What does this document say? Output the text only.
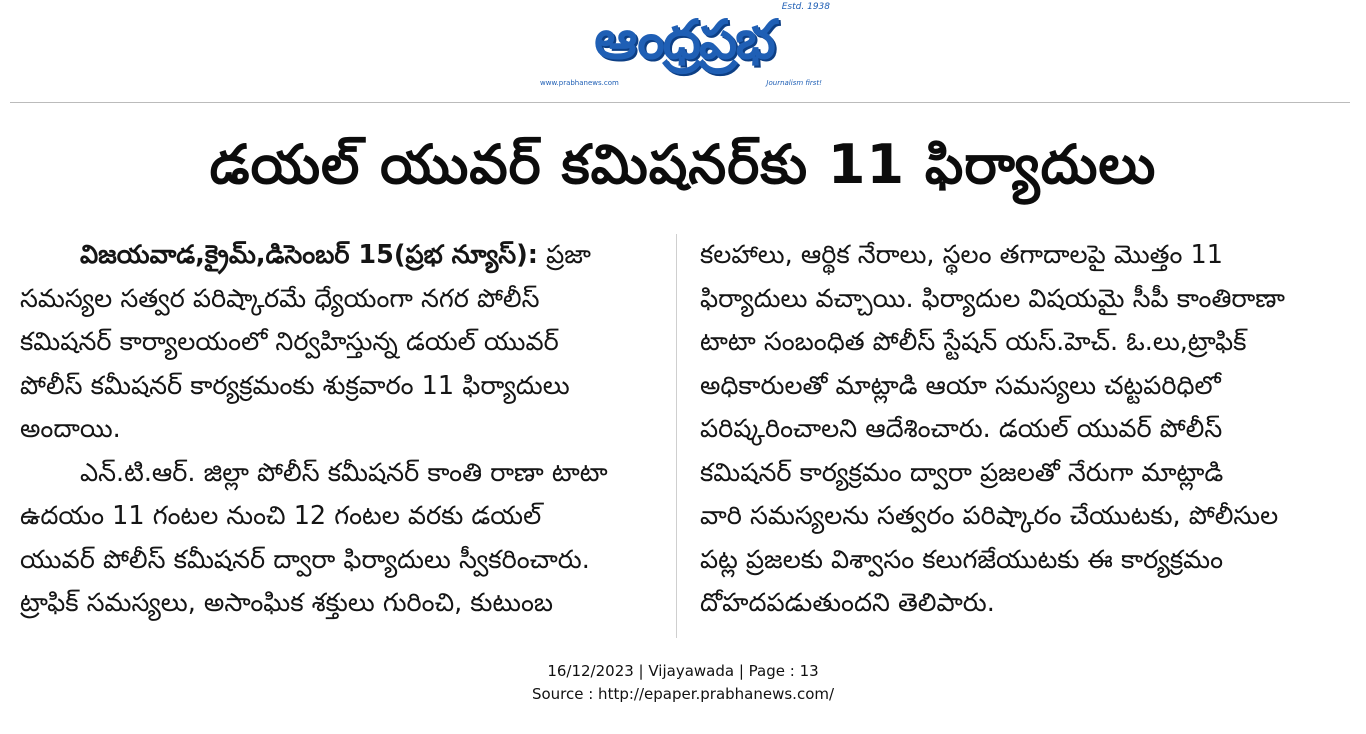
ఆంధ్రప్రభ
Estd. 1938
www.prabhanews.com	Journalism first!
డయల్ యువర్ కమిషనర్‌కు 11 ఫిర్యాదులు
విజయవాడ,క్రైమ్,డిసెంబర్ 15(ప్రభ న్యూస్): ప్రజా
సమస్యల సత్వర పరిష్కారమే ధ్యేయంగా నగర పోలీస్
కమిషనర్ కార్యాలయంలో నిర్వహిస్తున్న డయల్ యువర్
పోలీస్ కమీషనర్ కార్యక్రమంకు శుక్రవారం 11 ఫిర్యాదులు
అందాయి.
ఎన్.టి.ఆర్. జిల్లా పోలీస్ కమీషనర్ కాంతి రాణా టాటా
ఉదయం 11 గంటల నుంచి 12 గంటల వరకు డయల్
యువర్ పోలీస్ కమీషనర్ ద్వారా ఫిర్యాదులు స్వీకరించారు.
ట్రాఫిక్ సమస్యలు, అసాంఘిక శక్తులు గురించి, కుటుంబ
కలహాలు, ఆర్థిక నేరాలు, స్థలం తగాదాలపై మొత్తం 11
ఫిర్యాదులు వచ్చాయి. ఫిర్యాదుల విషయమై సీపీ కాంతిరాణా
టాటా సంబంధిత పోలీస్ స్టేషన్ యస్.హెచ్. ఓ.లు,ట్రాఫిక్
అధికారులతో మాట్లాడి ఆయా సమస్యలు చట్టపరిధిలో
పరిష్కరించాలని ఆదేశించారు. డయల్ యువర్ పోలీస్
కమిషనర్ కార్యక్రమం ద్వారా ప్రజలతో నేరుగా మాట్లాడి
వారి సమస్యలను సత్వరం పరిష్కారం చేయుటకు, పోలీసుల
పట్ల ప్రజలకు విశ్వాసం కలుగజేయుటకు ఈ కార్యక్రమం
దోహదపడుతుందని తెలిపారు.
16/12/2023 | Vijayawada | Page : 13
Source : http://epaper.prabhanews.com/
